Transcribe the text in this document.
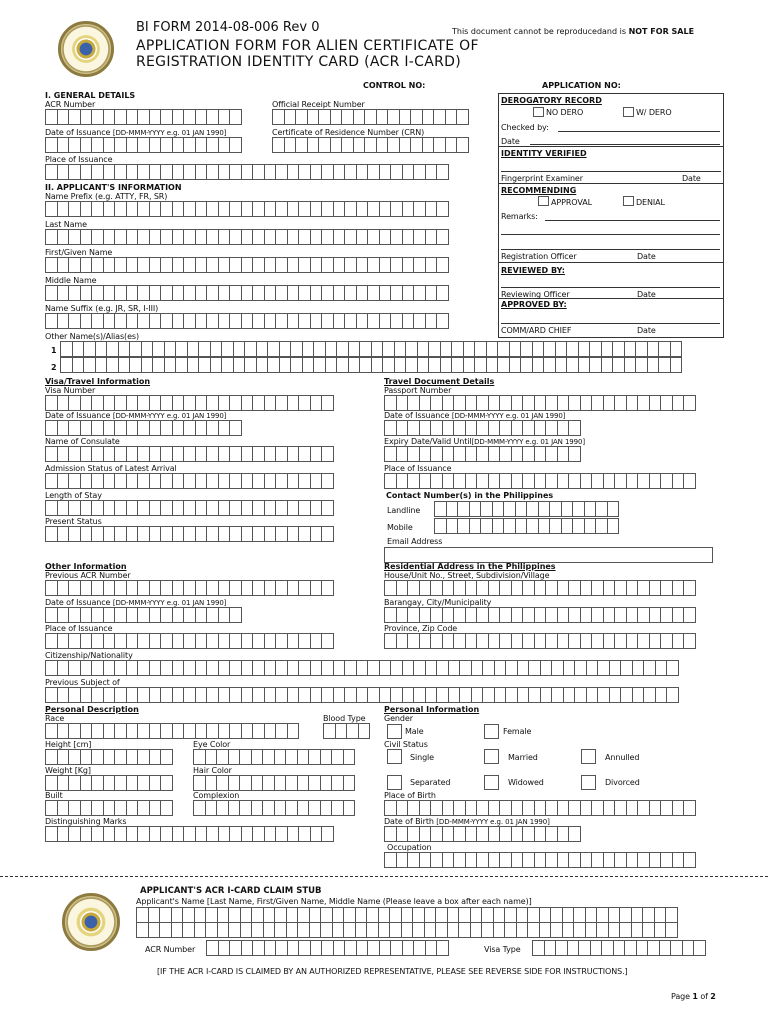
BI FORM 2014-08-006 Rev 0	This document cannot be reproducedand is NOT FOR SALE
APPLICATION FORM FOR ALIEN CERTIFICATE OF
REGISTRATION IDENTITY CARD (ACR I-CARD)
CONTROL NO:	APPLICATION NO:
I. GENERAL DETAILS
ACR Number	Official Receipt Number
Date of Issuance [DD-MMM-YYYY e.g. 01 JAN 1990]	Certificate of Residence Number (CRN)
Place of Issuance
II. APPLICANT'S INFORMATION
Name Prefix (e.g. ATTY, FR, SR)
Last Name
First/Given Name
Middle Name
Name Suffix (e.g. JR, SR, I-III)
Other Name(s)/Alias(es)
1
2
DEROGATORY RECORD
NO DERO	W/ DERO
Checked by:
Date
IDENTITY VERIFIED
Fingerprint Examiner	Date
RECOMMENDING
APPROVAL	DENIAL
Remarks:
Registration Officer	Date
REVIEWED BY:
Reviewing Officer	Date
APPROVED BY:
COMM/ARD CHIEF	Date
Visa/Travel Information
Visa Number
Date of Issuance [DD-MMM-YYYY e.g. 01 JAN 1990]
Name of Consulate
Admission Status of Latest Arrival
Length of Stay
Present Status
Travel Document Details
Passport Number
Date of Issuance [DD-MMM-YYYY e.g. 01 JAN 1990]
Expiry Date/Valid Until[DD-MMM-YYYY e.g. 01 JAN 1990]
Place of Issuance
Contact Number(s) in the Philippines
Landline
Mobile
Email Address
Other Information
Previous ACR Number
Date of Issuance [DD-MMM-YYYY e.g. 01 JAN 1990]
Place of Issuance
Citizenship/Nationality
Previous Subject of
Residential Address in the Philippines
House/Unit No., Street, Subdivision/Village
Barangay, City/Municipality
Province, Zip Code
Personal Description
Race	Blood Type
Height [cm]	Eye Color
Weight [Kg]	Hair Color
Built	Complexion
Distinguishing Marks
Personal Information
Gender
Male	Female
Civil Status
Single	Married	Annulled
Separated	Widowed	Divorced
Place of Birth
Date of Birth [DD-MMM-YYYY e.g. 01 JAN 1990]
Occupation
APPLICANT'S ACR I-CARD CLAIM STUB
Applicant's Name [Last Name, First/Given Name, Middle Name (Please leave a box after each name)]
ACR Number	Visa Type
[IF THE ACR I-CARD IS CLAIMED BY AN AUTHORIZED REPRESENTATIVE, PLEASE SEE REVERSE SIDE FOR INSTRUCTIONS.]
Page 1 of 2
